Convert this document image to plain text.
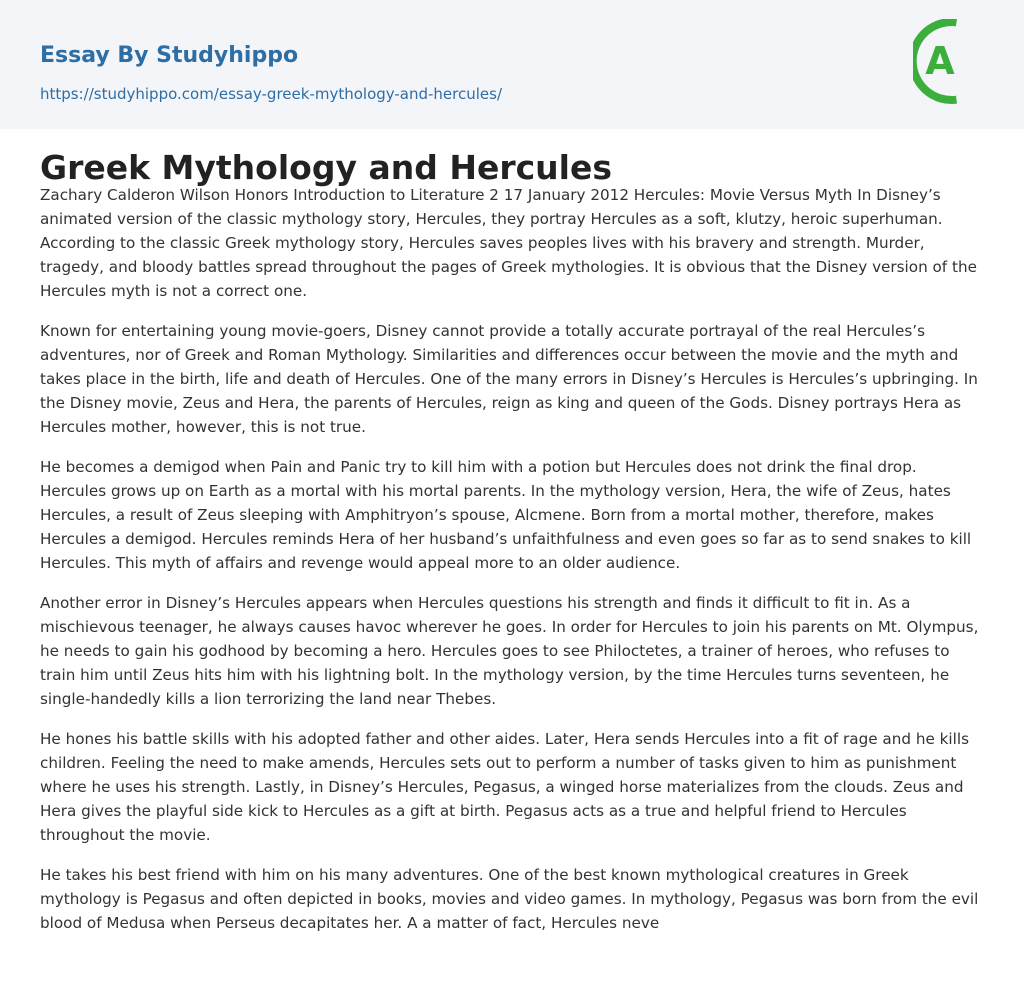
Essay By Studyhippo
https://studyhippo.com/essay-greek-mythology-and-hercules/
A
Greek Mythology and Hercules

Zachary Calderon Wilson Honors Introduction to Literature 2 17 January 2012 Hercules: Movie Versus Myth In Disney’s animated version of the classic mythology story, Hercules, they portray Hercules as a soft, klutzy, heroic superhuman. According to the classic Greek mythology story, Hercules saves peoples lives with his bravery and strength. Murder, tragedy, and bloody battles spread throughout the pages of Greek mythologies. It is obvious that the Disney version of the Hercules myth is not a correct one.

Known for entertaining young movie-goers, Disney cannot provide a totally accurate portrayal of the real Hercules’s adventures, nor of Greek and Roman Mythology. Similarities and differences occur between the movie and the myth and takes place in the birth, life and death of Hercules. One of the many errors in Disney’s Hercules is Hercules’s upbringing. In the Disney movie, Zeus and Hera, the parents of Hercules, reign as king and queen of the Gods. Disney portrays Hera as Hercules mother, however, this is not true.

He becomes a demigod when Pain and Panic try to kill him with a potion but Hercules does not drink the final drop. Hercules grows up on Earth as a mortal with his mortal parents. In the mythology version, Hera, the wife of Zeus, hates Hercules, a result of Zeus sleeping with Amphitryon’s spouse, Alcmene. Born from a mortal mother, therefore, makes Hercules a demigod. Hercules reminds Hera of her husband’s unfaithfulness and even goes so far as to send snakes to kill Hercules. This myth of affairs and revenge would appeal more to an older audience.

Another error in Disney’s Hercules appears when Hercules questions his strength and finds it difficult to fit in. As a mischievous teenager, he always causes havoc wherever he goes. In order for Hercules to join his parents on Mt. Olympus, he needs to gain his godhood by becoming a hero. Hercules goes to see Philoctetes, a trainer of heroes, who refuses to train him until Zeus hits him with his lightning bolt. In the mythology version, by the time Hercules turns seventeen, he single-handedly kills a lion terrorizing the land near Thebes.

He hones his battle skills with his adopted father and other aides. Later, Hera sends Hercules into a fit of rage and he kills children. Feeling the need to make amends, Hercules sets out to perform a number of tasks given to him as punishment where he uses his strength. Lastly, in Disney’s Hercules, Pegasus, a winged horse materializes from the clouds. Zeus and Hera gives the playful side kick to Hercules as a gift at birth. Pegasus acts as a true and helpful friend to Hercules throughout the movie.

He takes his best friend with him on his many adventures. One of the best known mythological creatures in Greek mythology is Pegasus and often depicted in books, movies and video games. In mythology, Pegasus was born from the evil blood of Medusa when Perseus decapitates her. A a matter of fact, Hercules neve
